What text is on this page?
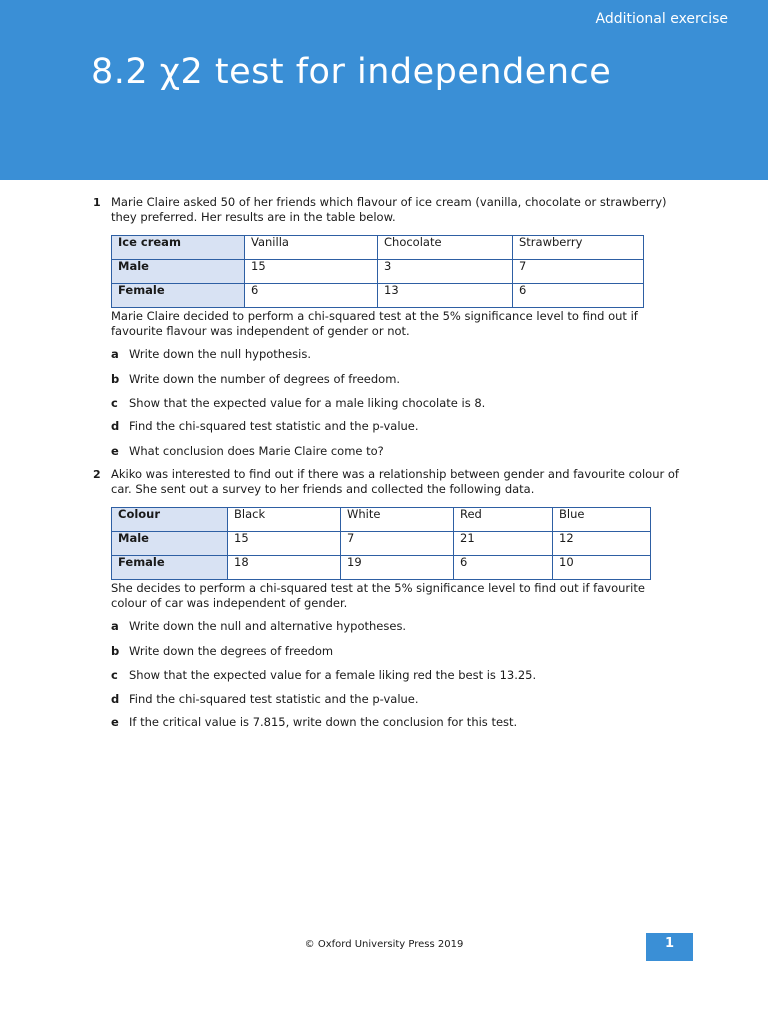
Additional exercise
8.2 χ2 test for independence
1 Marie Claire asked 50 of her friends which flavour of ice cream (vanilla, chocolate or strawberry) they preferred. Her results are in the table below.
Ice cream	Vanilla	Chocolate	Strawberry
Male	15	3	7
Female	6	13	6
Marie Claire decided to perform a chi-squared test at the 5% significance level to find out if favourite flavour was independent of gender or not.
a Write down the null hypothesis.
b Write down the number of degrees of freedom.
c Show that the expected value for a male liking chocolate is 8.
d Find the chi-squared test statistic and the p-value.
e What conclusion does Marie Claire come to?
2 Akiko was interested to find out if there was a relationship between gender and favourite colour of car. She sent out a survey to her friends and collected the following data.
Colour	Black	White	Red	Blue
Male	15	7	21	12
Female	18	19	6	10
She decides to perform a chi-squared test at the 5% significance level to find out if favourite colour of car was independent of gender.
a Write down the null and alternative hypotheses.
b Write down the degrees of freedom
c Show that the expected value for a female liking red the best is 13.25.
d Find the chi-squared test statistic and the p-value.
e If the critical value is 7.815, write down the conclusion for this test.
© Oxford University Press 2019	1
